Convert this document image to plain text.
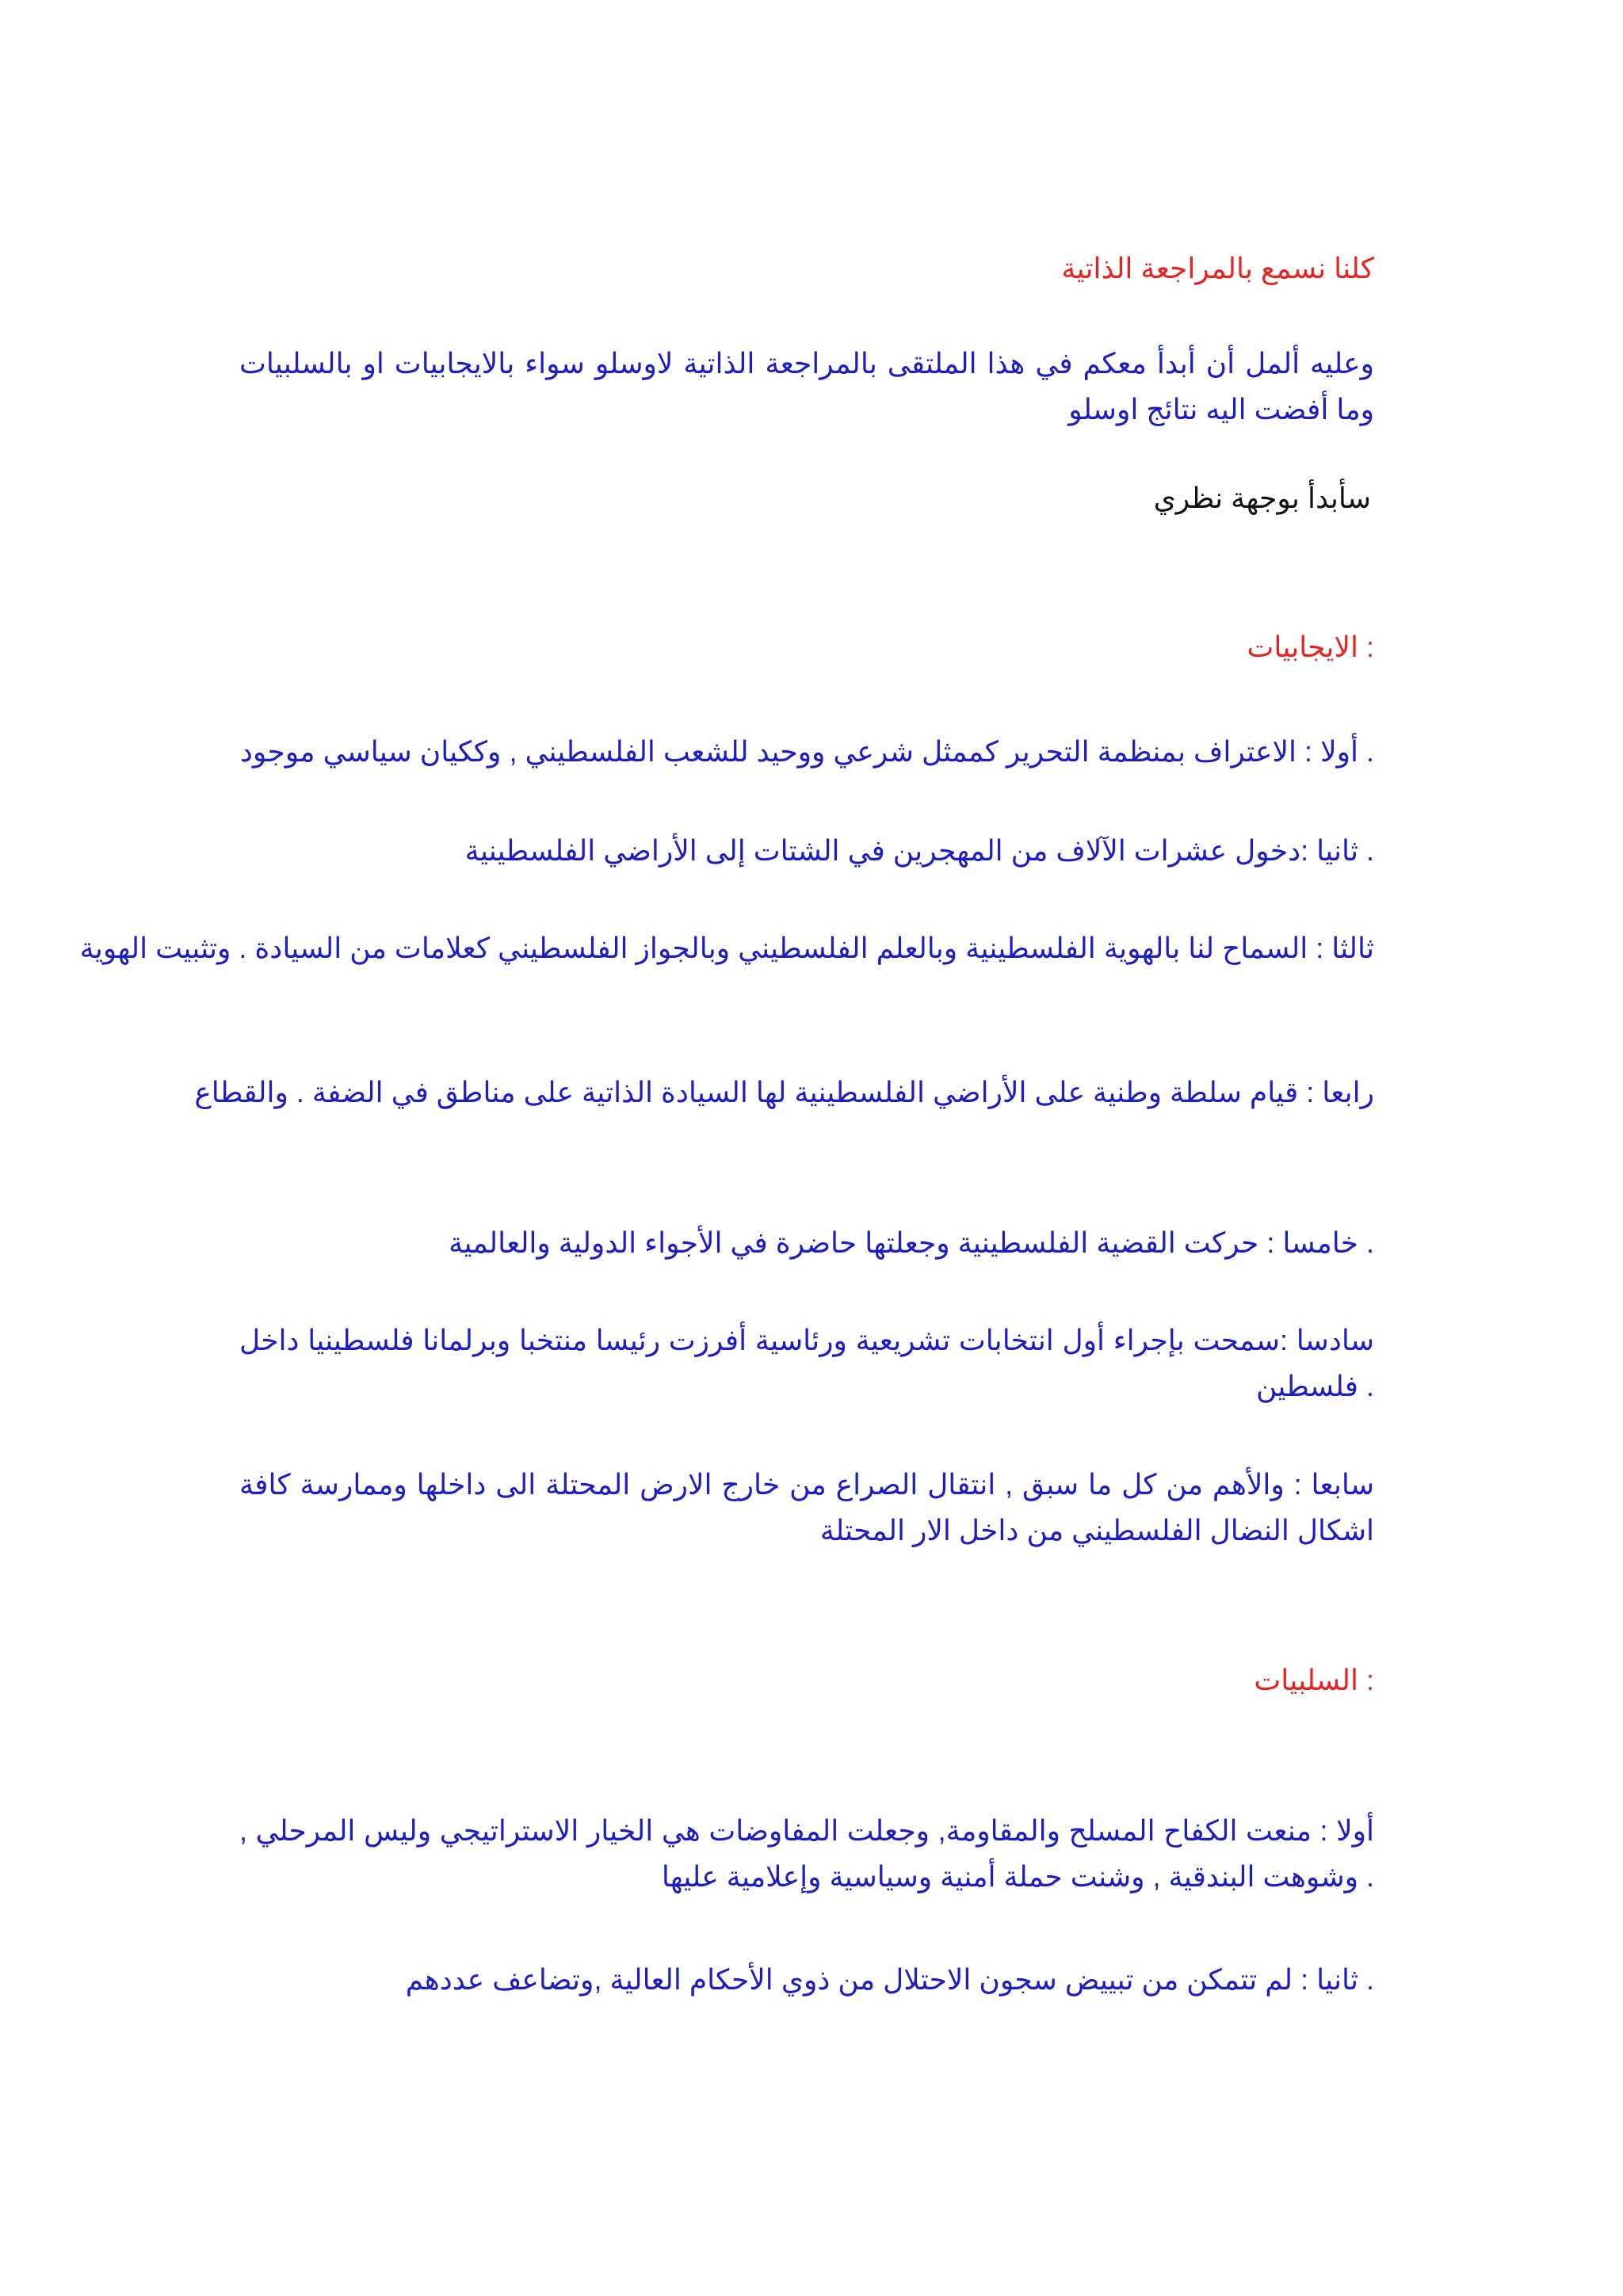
كلنا نسمع بالمراجعة الذاتية

وعليه ألمل أن أبدأ معكم في هذا الملتقى بالمراجعة الذاتية لاوسلو سواء بالايجابيات او بالسلبيات وما أفضت اليه نتائج اوسلو

سأبدأ بوجهة نظري

: الايجابيات

. أولا : الاعتراف بمنظمة التحرير كممثل شرعي ووحيد للشعب الفلسطيني , وككيان سياسي موجود

. ثانيا :دخول عشرات الآلاف من المهجرين في الشتات إلى الأراضي الفلسطينية

ثالثا : السماح لنا بالهوية الفلسطينية وبالعلم الفلسطيني وبالجواز الفلسطيني كعلامات من السيادة . وتثبيت الهوية

رابعا : قيام سلطة وطنية على الأراضي الفلسطينية لها السيادة الذاتية على مناطق في الضفة . والقطاع

. خامسا : حركت القضية الفلسطينية وجعلتها حاضرة في الأجواء الدولية والعالمية

سادسا :سمحت بإجراء أول انتخابات تشريعية ورئاسية أفرزت رئيسا منتخبا وبرلمانا فلسطينيا داخل . فلسطين

سابعا : والأهم من كل ما سبق , انتقال الصراع من خارج الارض المحتلة الى داخلها وممارسة كافة اشكال النضال الفلسطيني من داخل الار المحتلة

: السلبيات

أولا : منعت الكفاح المسلح والمقاومة, وجعلت المفاوضات هي الخيار الاستراتيجي وليس المرحلي , . وشوهت البندقية , وشنت حملة أمنية وسياسية وإعلامية عليها

. ثانيا : لم تتمكن من تبييض سجون الاحتلال من ذوي الأحكام العالية ,وتضاعف عددهم
